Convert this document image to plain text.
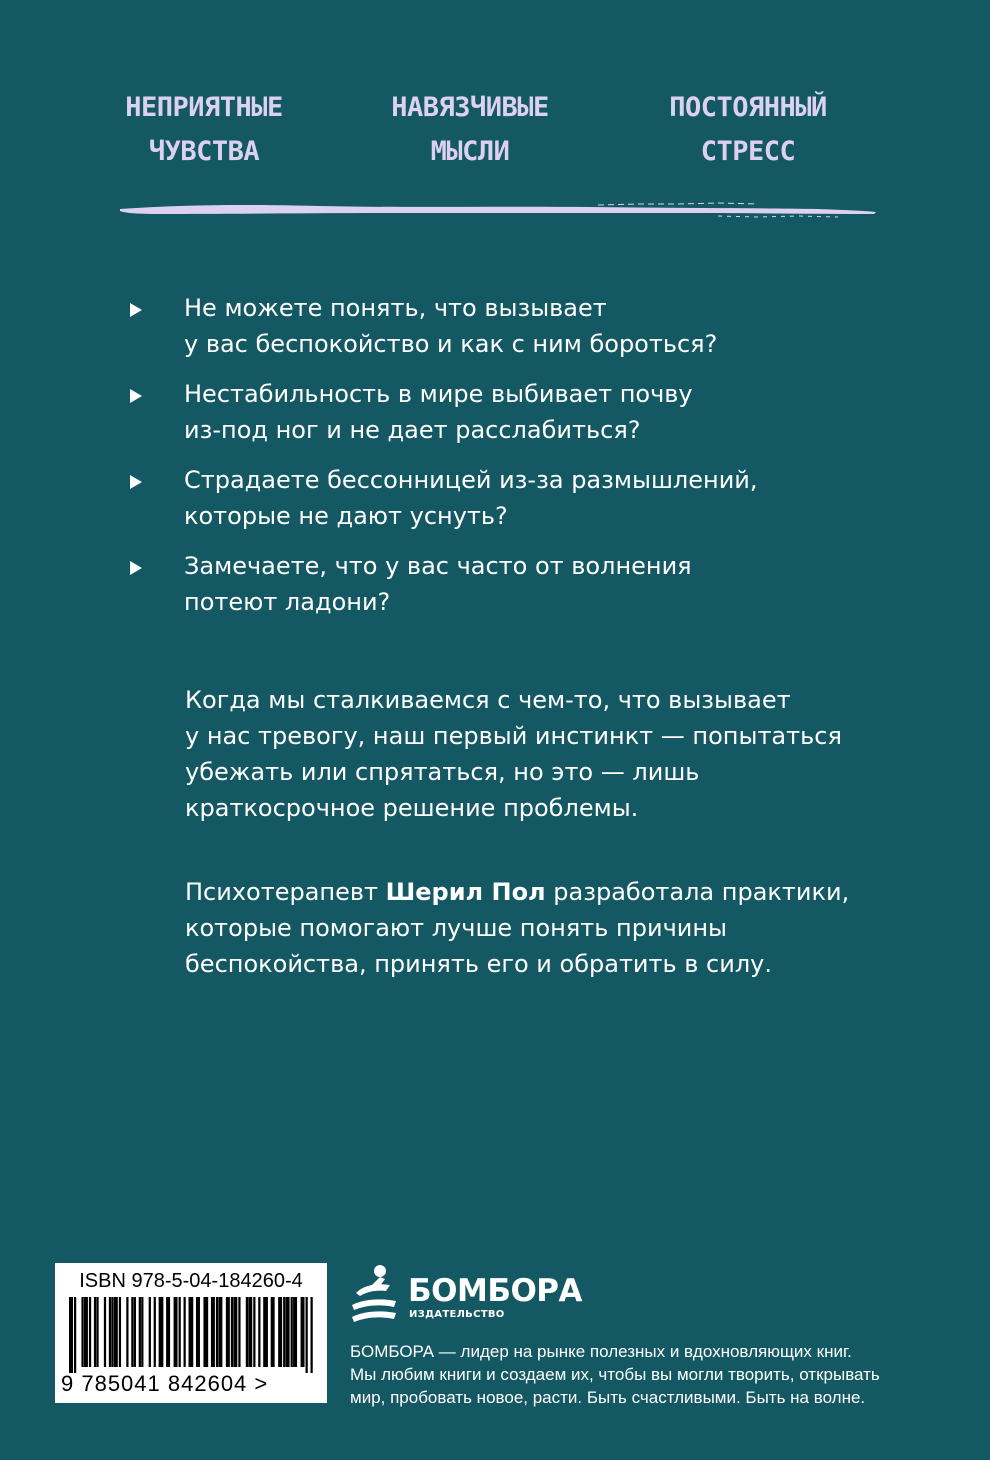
НЕПРИЯТНЫЕ
ЧУВСТВА
НАВЯЗЧИВЫЕ
МЫСЛИ
ПОСТОЯННЫЙ
СТРЕСС
Не можете понять, что вызывает
у вас беспокойство и как с ним бороться?
Нестабильность в мире выбивает почву
из-под ног и не дает расслабиться?
Страдаете бессонницей из-за размышлений,
которые не дают уснуть?
Замечаете, что у вас часто от волнения
потеют ладони?
Когда мы сталкиваемся с чем-то, что вызывает
у нас тревогу, наш первый инстинкт — попытаться
убежать или спрятаться, но это — лишь
краткосрочное решение проблемы.
Психотерапевт Шерил Пол разработала практики,
которые помогают лучше понять причины
беспокойства, принять его и обратить в силу.
ISBN 978-5-04-184260-4
9 785041 842604 >
БОМБОРА
ИЗДАТЕЛЬСТВО
БОМБОРА — лидер на рынке полезных и вдохновляющих книг.
Мы любим книги и создаем их, чтобы вы могли творить, открывать
мир, пробовать новое, расти. Быть счастливыми. Быть на волне.
